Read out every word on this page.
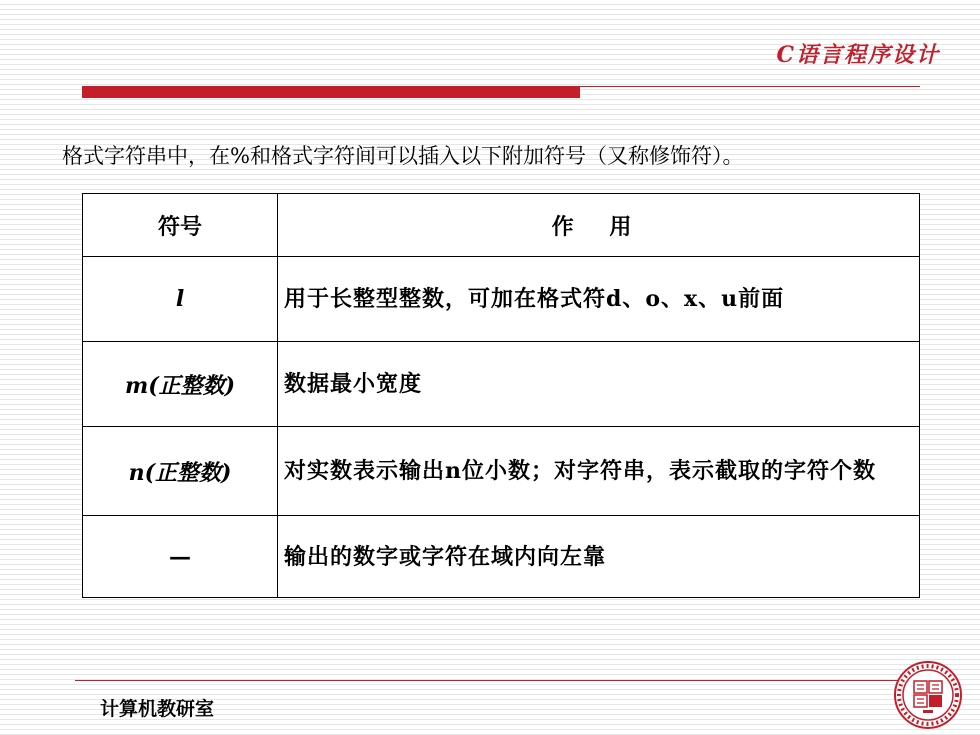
C语言程序设计
格式字符串中，在%和格式字符间可以插入以下附加符号（又称修饰符）。
符号	作 用
l	用于长整型整数，可加在格式符d、o、x、u前面
m(正整数)	数据最小宽度
n(正整数)	对实数表示输出n位小数；对字符串，表示截取的字符个数
—	输出的数字或字符在域内向左靠
计算机教研室
